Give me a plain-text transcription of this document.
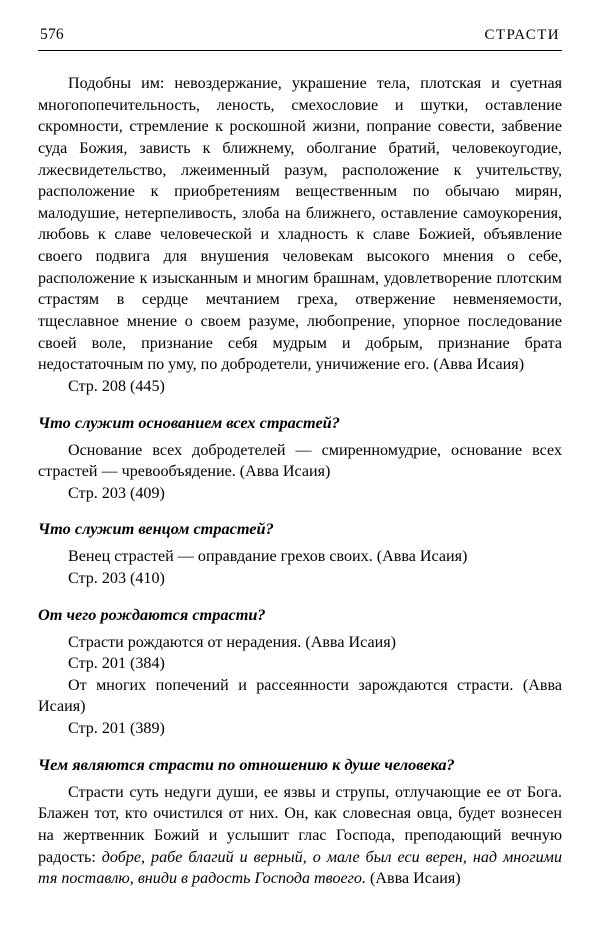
576	СТРАСТИ

Подобны им: невоздержание, украшение тела, плотская и суетная многопопечительность, леность, смехословие и шутки, оставление скромности, стремление к роскошной жизни, попрание совести, забвение суда Божия, зависть к ближнему, оболгание братий, человекоугодие, лжесвидетельство, лжеименный разум, расположение к учительству, расположение к приобретениям вещественным по обычаю мирян, малодушие, нетерпеливость, злоба на ближнего, оставление самоукорения, любовь к славе человеческой и хладность к славе Божией, объявление своего подвига для внушения человекам высокого мнения о себе, расположение к изысканным и многим брашнам, удовлетворение плотским страстям в сердце мечтанием греха, отвержение невменяемости, тщеславное мнение о своем разуме, любопрение, упорное последование своей воле, признание себя мудрым и добрым, признание брата недостаточным по уму, по добродетели, уничижение его. (Авва Исаия)

Стр. 208 (445)

Что служит основанием всех страстей?

Основание всех добродетелей — смиренномудрие, основание всех страстей — чревообъядение. (Авва Исаия)

Стр. 203 (409)

Что служит венцом страстей?

Венец страстей — оправдание грехов своих. (Авва Исаия)

Стр. 203 (410)

От чего рождаются страсти?

Страсти рождаются от нерадения. (Авва Исаия)

Стр. 201 (384)

От многих попечений и рассеянности зарождаются страсти. (Авва Исаия)

Стр. 201 (389)

Чем являются страсти по отношению к душе человека?

Страсти суть недуги души, ее язвы и струпы, отлучающие ее от Бога. Блажен тот, кто очистился от них. Он, как словесная овца, будет вознесен на жертвенник Божий и услышит глас Господа, преподающий вечную радость: добре, рабе благий и верный, о мале был еси верен, над многими тя поставлю, вниди в радость Господа твоего. (Авва Исаия)
